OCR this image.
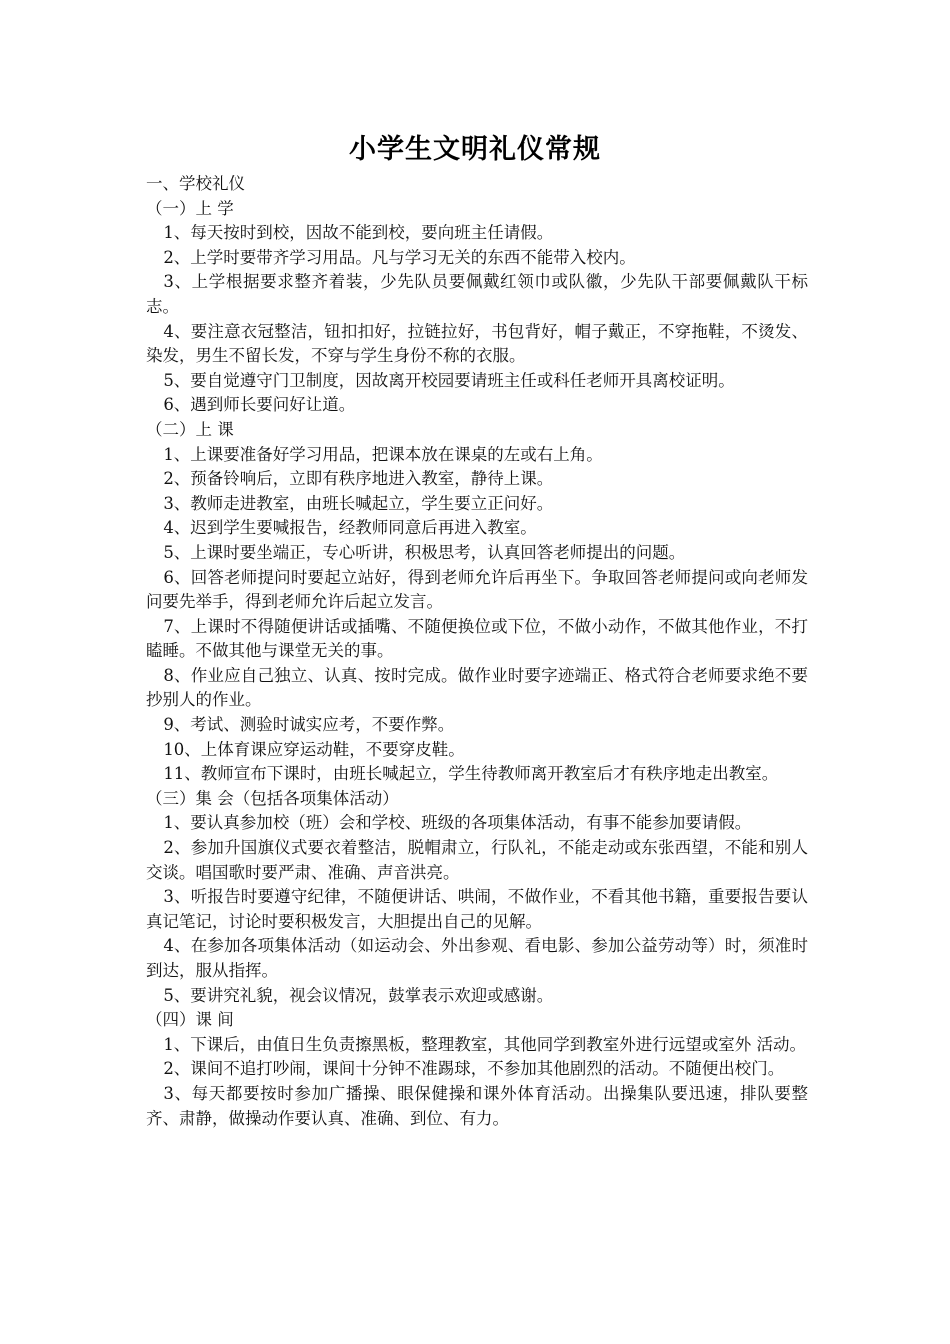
小学生文明礼仪常规

一、学校礼仪

（一）上 学

1、每天按时到校，因故不能到校，要向班主任请假。

2、上学时要带齐学习用品。凡与学习无关的东西不能带入校内。

3、上学根据要求整齐着装，少先队员要佩戴红领巾或队徽，少先队干部要佩戴队干标志。

4、要注意衣冠整洁，钮扣扣好，拉链拉好，书包背好，帽子戴正，不穿拖鞋，不烫发、染发，男生不留长发，不穿与学生身份不称的衣服。

5、要自觉遵守门卫制度，因故离开校园要请班主任或科任老师开具离校证明。

6、遇到师长要问好让道。

（二）上 课

1、上课要准备好学习用品，把课本放在课桌的左或右上角。

2、预备铃响后，立即有秩序地进入教室，静待上课。

3、教师走进教室，由班长喊起立，学生要立正问好。

4、迟到学生要喊报告，经教师同意后再进入教室。

5、上课时要坐端正，专心听讲，积极思考，认真回答老师提出的问题。

6、回答老师提问时要起立站好，得到老师允许后再坐下。争取回答老师提问或向老师发问要先举手，得到老师允许后起立发言。

7、上课时不得随便讲话或插嘴、不随便换位或下位，不做小动作，不做其他作业，不打瞌睡。不做其他与课堂无关的事。

8、作业应自己独立、认真、按时完成。做作业时要字迹端正、格式符合老师要求绝不要抄别人的作业。

9、考试、测验时诚实应考，不要作弊。

10、上体育课应穿运动鞋，不要穿皮鞋。

11、教师宣布下课时，由班长喊起立，学生待教师离开教室后才有秩序地走出教室。

（三）集 会（包括各项集体活动）

1、要认真参加校（班）会和学校、班级的各项集体活动，有事不能参加要请假。

2、参加升国旗仪式要衣着整洁，脱帽肃立，行队礼，不能走动或东张西望，不能和别人交谈。唱国歌时要严肃、准确、声音洪亮。

3、听报告时要遵守纪律，不随便讲话、哄闹，不做作业，不看其他书籍，重要报告要认真记笔记，讨论时要积极发言，大胆提出自己的见解。

4、在参加各项集体活动（如运动会、外出参观、看电影、参加公益劳动等）时，须准时到达，服从指挥。

5、要讲究礼貌，视会议情况，鼓掌表示欢迎或感谢。

（四）课 间

1、下课后，由值日生负责擦黑板，整理教室，其他同学到教室外进行远望或室外 活动。

2、课间不追打吵闹，课间十分钟不准踢球，不参加其他剧烈的活动。不随便出校门。

3、每天都要按时参加广播操、眼保健操和课外体育活动。出操集队要迅速，排队要整齐、肃静，做操动作要认真、准确、到位、有力。
